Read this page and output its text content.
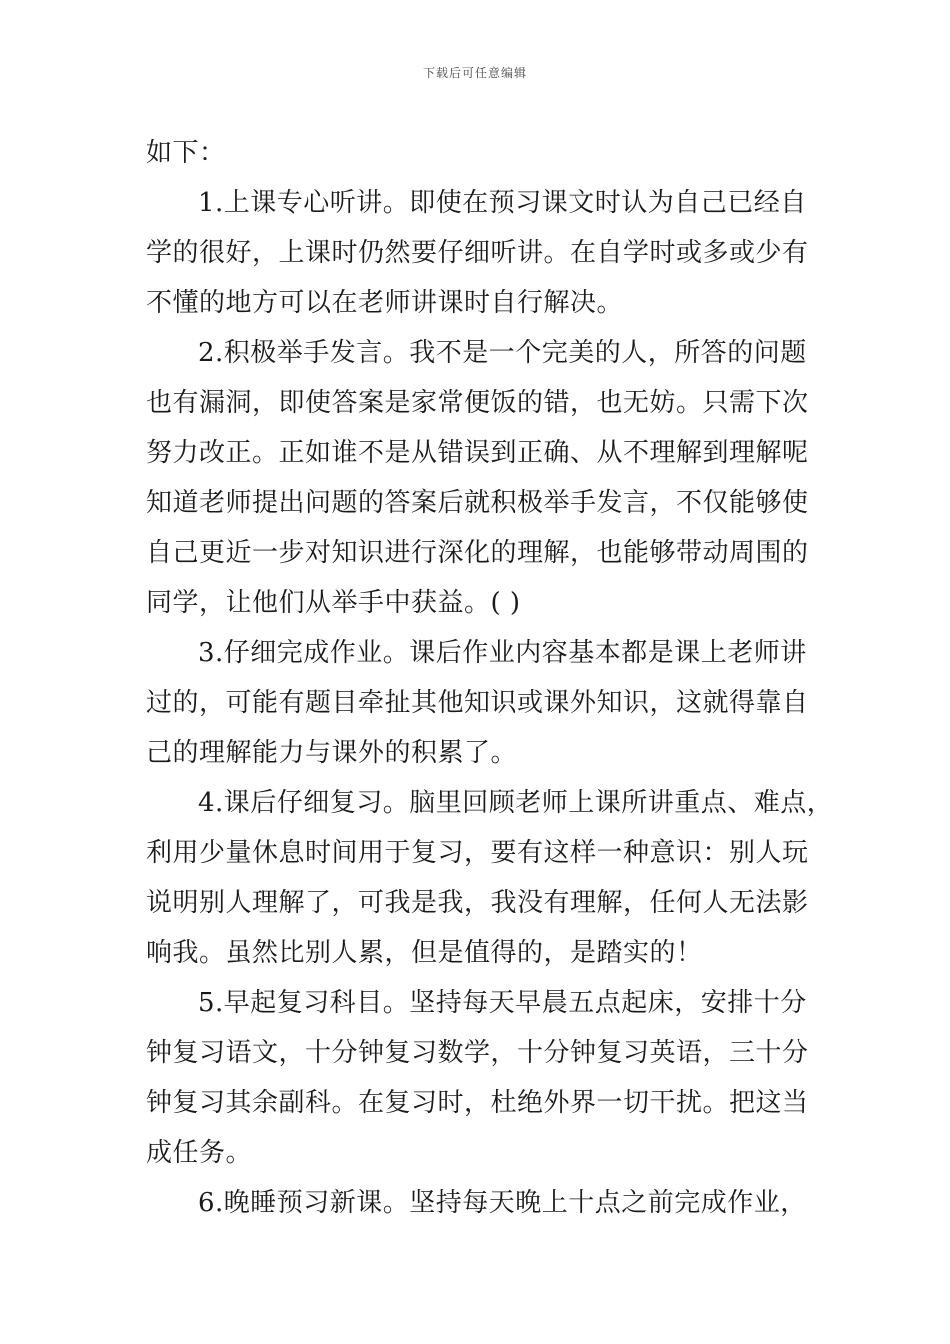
下载后可任意编辑
如下：
1.上课专心听讲。即使在预习课文时认为自己已经自
学的很好，上课时仍然要仔细听讲。在自学时或多或少有
不懂的地方可以在老师讲课时自行解决。
2.积极举手发言。我不是一个完美的人，所答的问题
也有漏洞，即使答案是家常便饭的错，也无妨。只需下次
努力改正。正如谁不是从错误到正确、从不理解到理解呢
知道老师提出问题的答案后就积极举手发言，不仅能够使
自己更近一步对知识进行深化的理解，也能够带动周围的
同学，让他们从举手中获益。( )
3.仔细完成作业。课后作业内容基本都是课上老师讲
过的，可能有题目牵扯其他知识或课外知识，这就得靠自
己的理解能力与课外的积累了。
4.课后仔细复习。脑里回顾老师上课所讲重点、难点，
利用少量休息时间用于复习，要有这样一种意识：别人玩
说明别人理解了，可我是我，我没有理解，任何人无法影
响我。虽然比别人累，但是值得的，是踏实的！
5.早起复习科目。坚持每天早晨五点起床，安排十分
钟复习语文，十分钟复习数学，十分钟复习英语，三十分
钟复习其余副科。在复习时，杜绝外界一切干扰。把这当
成任务。
6.晚睡预习新课。坚持每天晚上十点之前完成作业，
